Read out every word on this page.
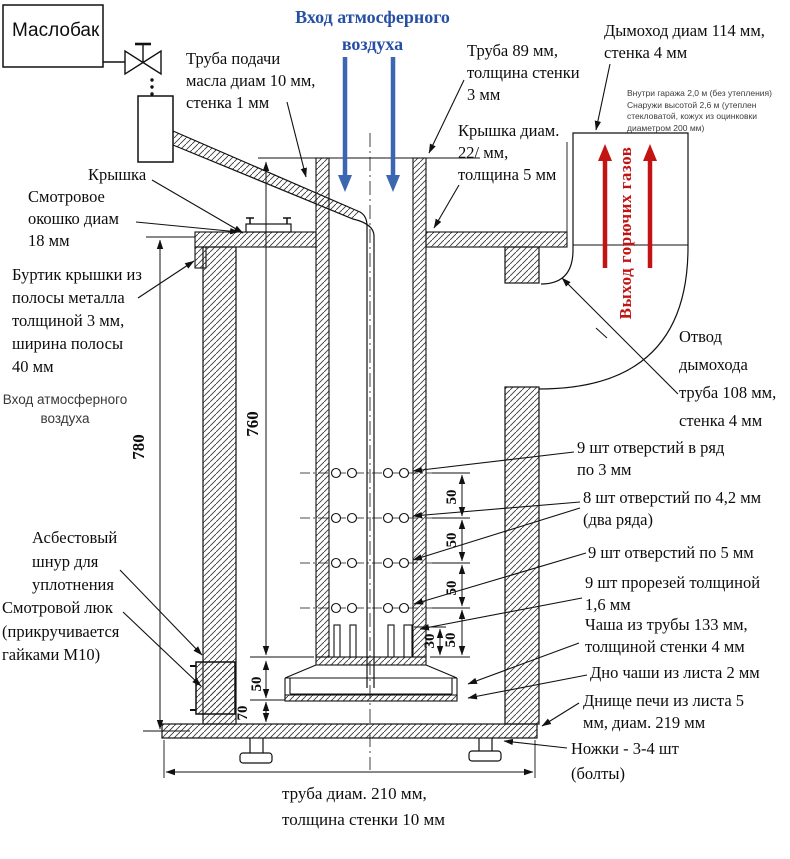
Маслобак
Вход атмосферного
воздуха
Труба подачи
масла диам 10 мм,
стенка 1 мм
Труба 89 мм,
толщина стенки
3 мм
Дымоход диам 114 мм,
стенка 4 мм
Внутри гаража 2,0 м (без утепления)
Снаружи высотой 2,6 м (утеплен
стекловатой, кожух из оцинковки
диаметром 200 мм)
Крышка диам.
22/ мм,
толщина 5 мм
Крышка
Смотровое
окошко диам
18 мм
Буртик крышки из
полосы металла
толщиной 3 мм,
ширина полосы
40 мм
Вход атмосферного
воздуха
Асбестовый
шнур для
уплотнения
Смотровой люк
(прикручивается
гайками М10)
Выход горючих газов
Отвод
дымохода
труба 108 мм,
стенка 4 мм
9 шт отверстий в ряд
по 3 мм
8 шт отверстий по 4,2 мм
(два ряда)
9 шт отверстий по 5 мм
9 шт прорезей толщиной
1,6 мм
Чаша из трубы 133 мм,
толщиной стенки 4 мм
Дно чаши из листа 2 мм
Днище печи из листа 5
мм, диам. 219 мм
Ножки - 3-4 шт
(болты)
труба диам. 210 мм,
толщина стенки 10 мм
780
760
50
50
50
50
30
50
70
